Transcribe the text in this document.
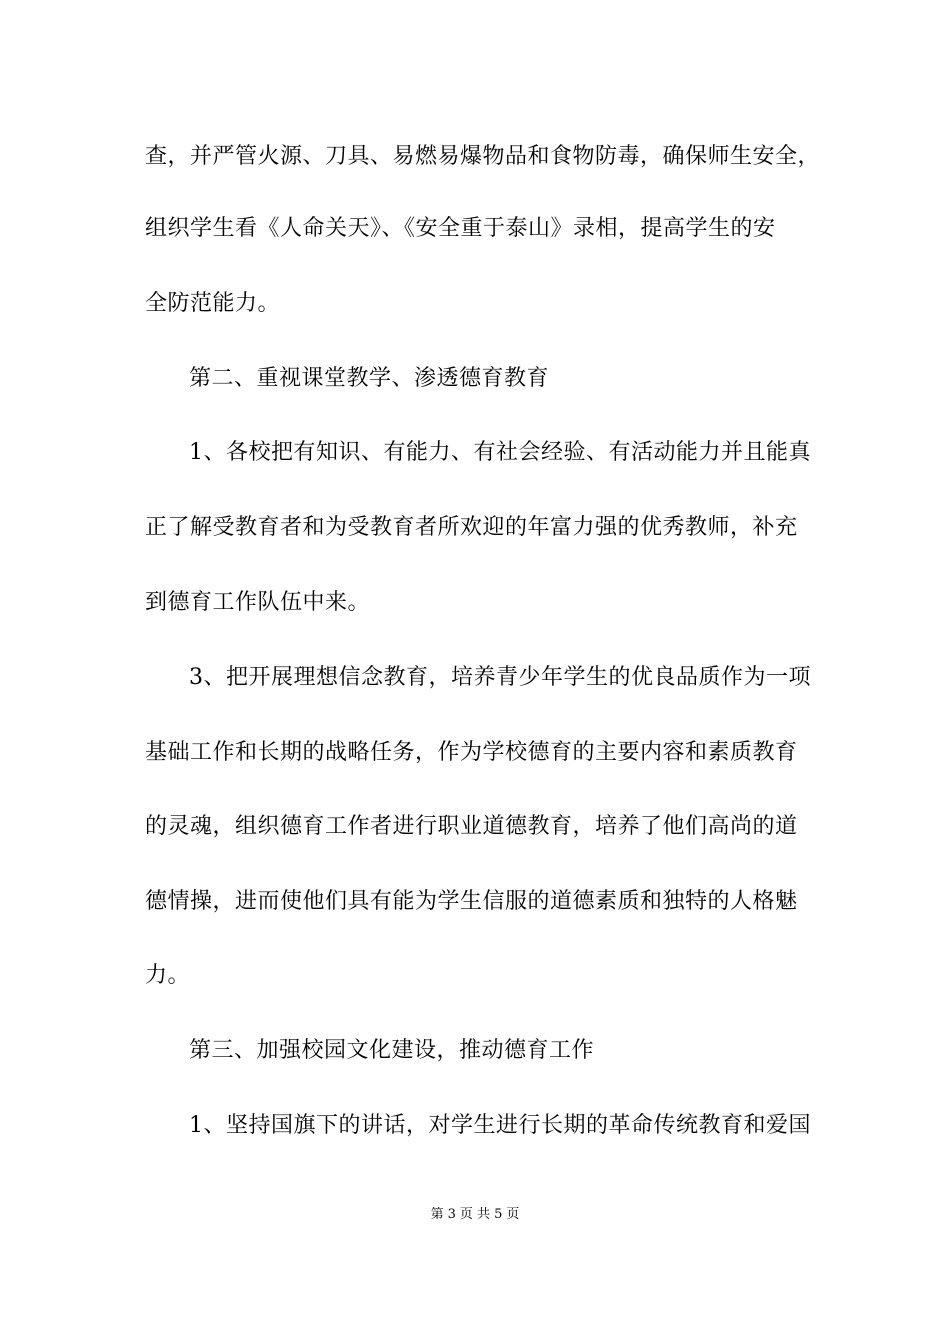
查，并严管火源、刀具、易燃易爆物品和食物防毒，确保师生安全，
组织学生看《人命关天》、《安全重于泰山》录相，提高学生的安
全防范能力。
第二、重视课堂教学、渗透德育教育
1、各校把有知识、有能力、有社会经验、有活动能力并且能真
正了解受教育者和为受教育者所欢迎的年富力强的优秀教师，补充
到德育工作队伍中来。
3、把开展理想信念教育，培养青少年学生的优良品质作为一项
基础工作和长期的战略任务，作为学校德育的主要内容和素质教育
的灵魂，组织德育工作者进行职业道德教育，培养了他们高尚的道
德情操，进而使他们具有能为学生信服的道德素质和独特的人格魅
力。
第三、加强校园文化建设，推动德育工作
1、坚持国旗下的讲话，对学生进行长期的革命传统教育和爱国
第 3 页 共 5 页
